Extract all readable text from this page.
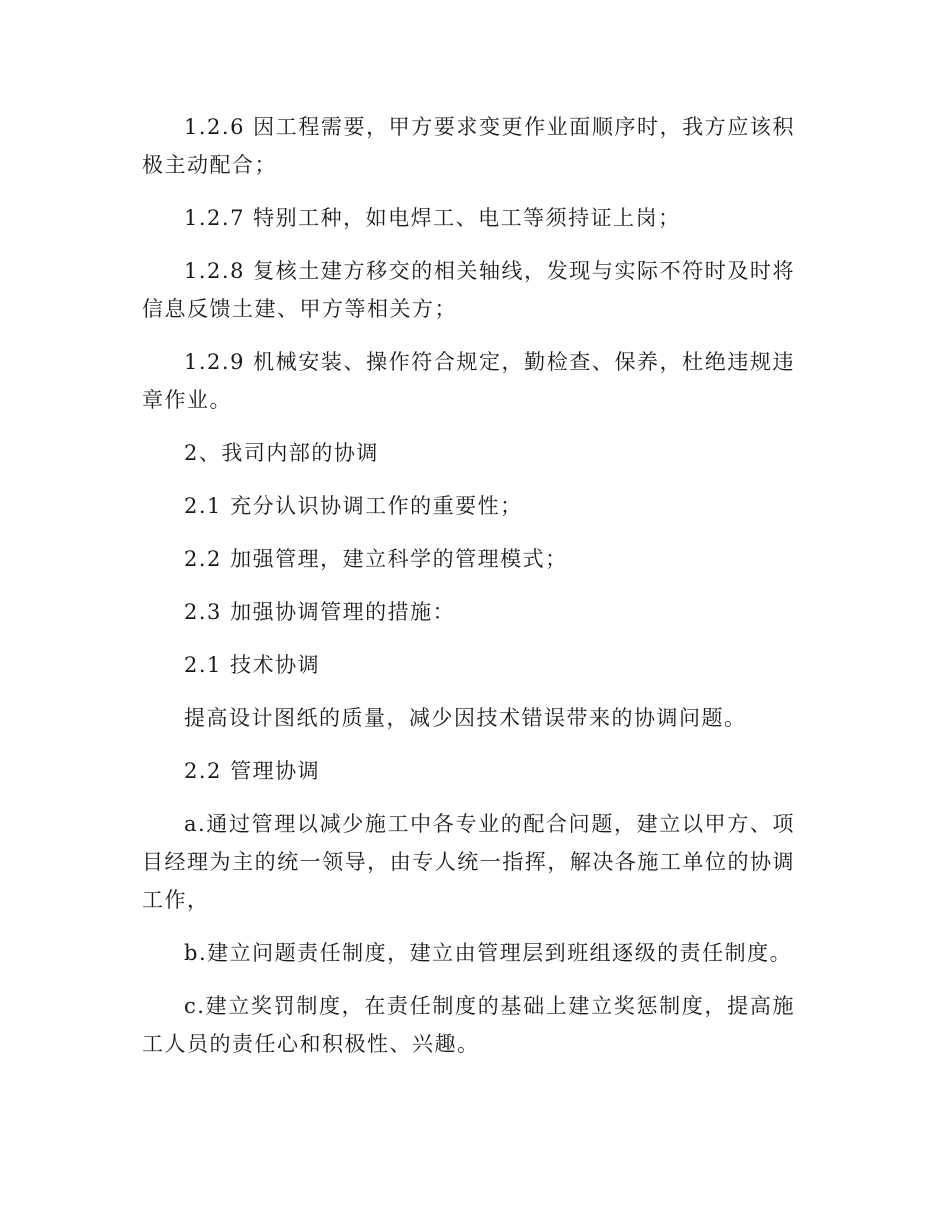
1.2.6 因工程需要，甲方要求变更作业面顺序时，我方应该积极主动配合；

1.2.7 特别工种，如电焊工、电工等须持证上岗；

1.2.8 复核土建方移交的相关轴线，发现与实际不符时及时将信息反馈土建、甲方等相关方；

1.2.9 机械安装、操作符合规定，勤检查、保养，杜绝违规违章作业。

2、我司内部的协调

2.1 充分认识协调工作的重要性；

2.2 加强管理，建立科学的管理模式；

2.3 加强协调管理的措施：

2.1 技术协调

提高设计图纸的质量，减少因技术错误带来的协调问题。

2.2 管理协调

a.通过管理以减少施工中各专业的配合问题，建立以甲方、项目经理为主的统一领导，由专人统一指挥，解决各施工单位的协调工作，

b.建立问题责任制度，建立由管理层到班组逐级的责任制度。

c.建立奖罚制度，在责任制度的基础上建立奖惩制度，提高施工人员的责任心和积极性、兴趣。
